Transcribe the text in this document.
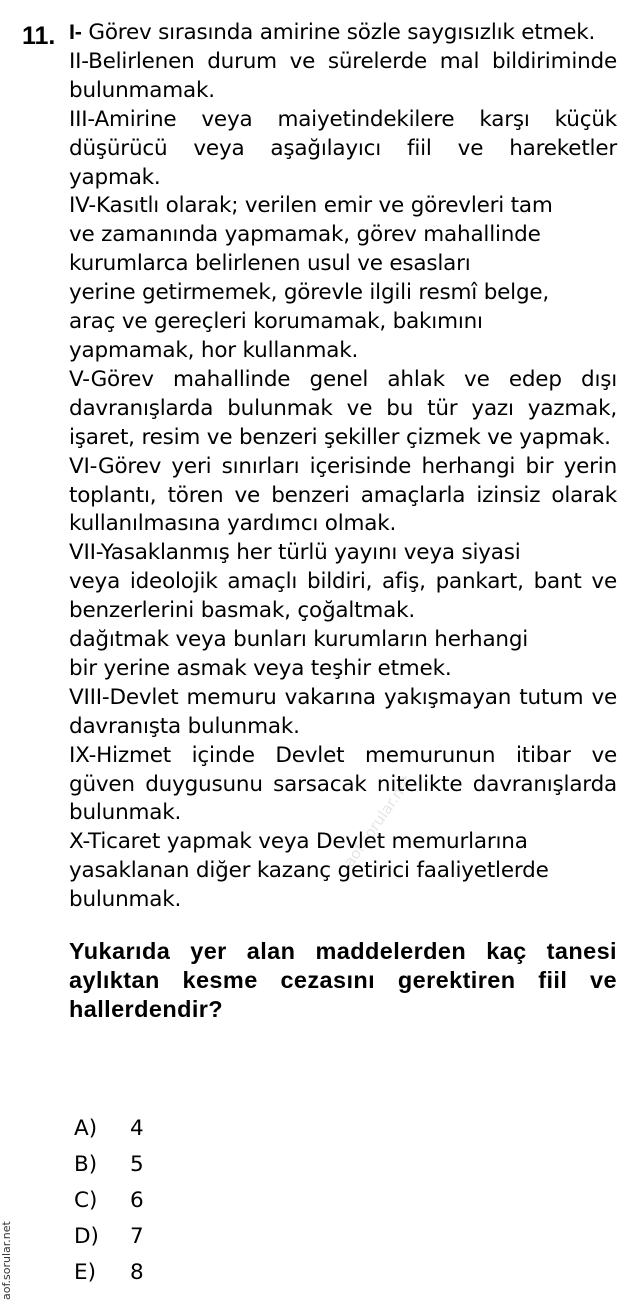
11. I- Görev sırasında amirine sözle saygısızlık etmek.

II-Belirlenen durum ve sürelerde mal bildiriminde bulunmamak.

III-Amirine veya maiyetindekilere karşı küçük düşürücü veya aşağılayıcı fiil ve hareketler yapmak.

IV-Kasıtlı olarak; verilen emir ve görevleri tam
ve zamanında yapmamak, görev mahallinde
kurumlarca belirlenen usul ve esasları
yerine getirmemek, görevle ilgili resmî belge,
araç ve gereçleri korumamak, bakımını
yapmamak, hor kullanmak.

V-Görev mahallinde genel ahlak ve edep dışı davranışlarda bulunmak ve bu tür yazı yazmak, işaret, resim ve benzeri şekiller çizmek ve yapmak.

VI-Görev yeri sınırları içerisinde herhangi bir yerin toplantı, tören ve benzeri amaçlarla izinsiz olarak kullanılmasına yardımcı olmak.

VII-Yasaklanmış her türlü yayını veya siyasi
veya ideolojik amaçlı bildiri, afiş, pankart, bant ve benzerlerini basmak, çoğaltmak.
dağıtmak veya bunları kurumların herhangi
bir yerine asmak veya teşhir etmek.

VIII-Devlet memuru vakarına yakışmayan tutum ve davranışta bulunmak.

IX-Hizmet içinde Devlet memurunun itibar ve güven duygusunu sarsacak nitelikte davranışlarda bulunmak.

X-Ticaret yapmak veya Devlet memurlarına
yasaklanan diğer kazanç getirici faaliyetlerde
bulunmak.

Yukarıda yer alan maddelerden kaç tanesi aylıktan kesme cezasını gerektiren fiil ve hallerdendir?

A)	4
B)	5
C)	6
D)	7
E)	8
aof.sorular.net
aof.sorular.net
